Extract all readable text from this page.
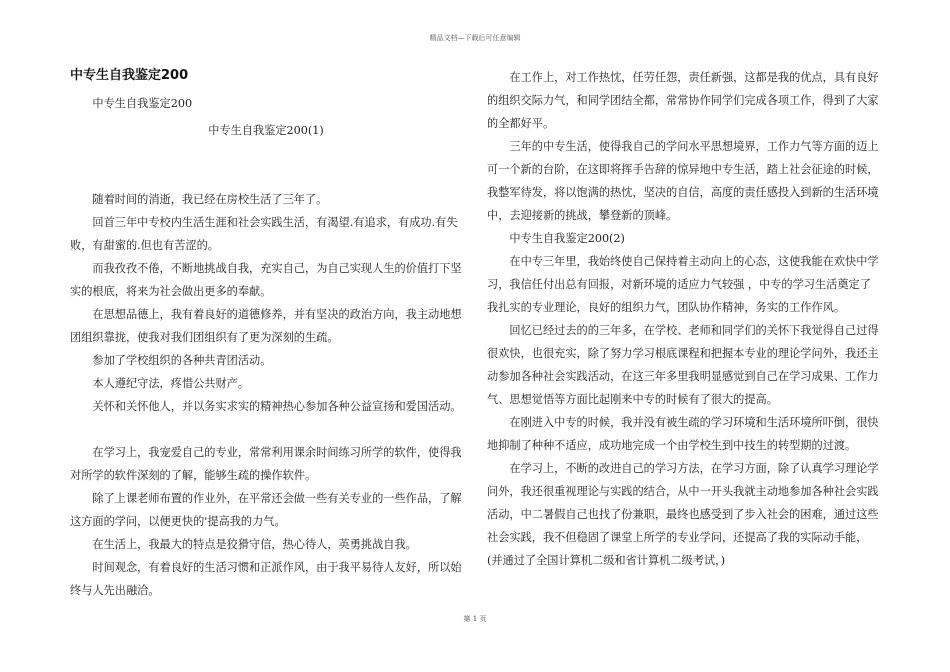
精品文档—下载后可任意编辑
中专生自我鉴定200

中专生自我鉴定200

中专生自我鉴定200(1)

随着时间的消逝，我已经在房校生活了三年了。

回首三年中专校内生活生涯和社会实践生活，有渴望.有追求，有成功.有失败，有甜蜜的.但也有苦涩的。

而我孜孜不倦，不断地挑战自我，充实自己，为自己实现人生的价值打下坚实的根底，将来为社会做出更多的奉献。

在思想品德上，我有着良好的道德修养，并有坚决的政治方向，我主动地想团组织靠拢，使我对我们团组织有了更为深刻的生疏。

参加了学校组织的各种共青团活动。

本人遵纪守法，疼惜公共财产。

关怀和关怀他人，并以务实求实的精神热心参加各种公益宣扬和爱国活动。

在学习上，我宠爱自己的专业，常常利用课余时间练习所学的软件，使得我对所学的软件深刻的了解，能够生疏的操作软件。

除了上课老师布置的作业外，在平常还会做一些有关专业的一些作品，了解这方面的学问，以便更快的'提高我的力气。

在生活上，我最大的特点是狡猾守信，热心待人，英勇挑战自我。

时间观念，有着良好的生活习惯和正派作风，由于我平易待人友好，所以始终与人先出融洽。

在工作上，对工作热忱，任劳任怨，责任新强，这都是我的优点，具有良好的组织交际力气，和同学团结全都，常常协作同学们完成各项工作，得到了大家的全都好平。

三年的中专生活，使得我自己的学问水平思想境界，工作力气等方面的迈上可一个新的台阶，在这即将挥手告辞的惊异地中专生活，踏上社会征途的时候，我整军待发，将以饱满的热忱，坚决的自信，高度的责任感投入到新的生活环境中，去迎接新的挑战，攀登新的顶峰。

中专生自我鉴定200(2)

在中专三年里，我始终使自己保持着主动向上的心态，这使我能在欢快中学习，我信任付出总有回报，对新环境的适应力气较强 ，中专的学习生活奠定了我扎实的专业理论，良好的组织力气，团队协作精神，务实的工作作风。

回忆已经过去的的三年多，在学校、老师和同学们的关怀下我觉得自己过得很欢快，也很充实，除了努力学习根底课程和把握本专业的理论学问外，我还主动参加各种社会实践活动，在这三年多里我明显感觉到自己在学习成果、工作力气、思想觉悟等方面比起刚来中专的时候有了很大的提高。

在刚进入中专的时候，我并没有被生疏的学习环境和生活环境所吓倒，很快地抑制了种种不适应，成功地完成一个由学校生到中技生的转型期的过渡。

在学习上，不断的改进自己的学习方法，在学习方面，除了认真学习理论学问外，我还很重视理论与实践的结合，从中一开头我就主动地参加各种社会实践活动，中二暑假自己也找了份兼职，最终也感受到了步入社会的困难，通过这些社会实践，我不但稳固了课堂上所学的专业学问，还提高了我的实际动手能，(并通过了全国计算机二级和省计算机二级考试，)

第 1 页
